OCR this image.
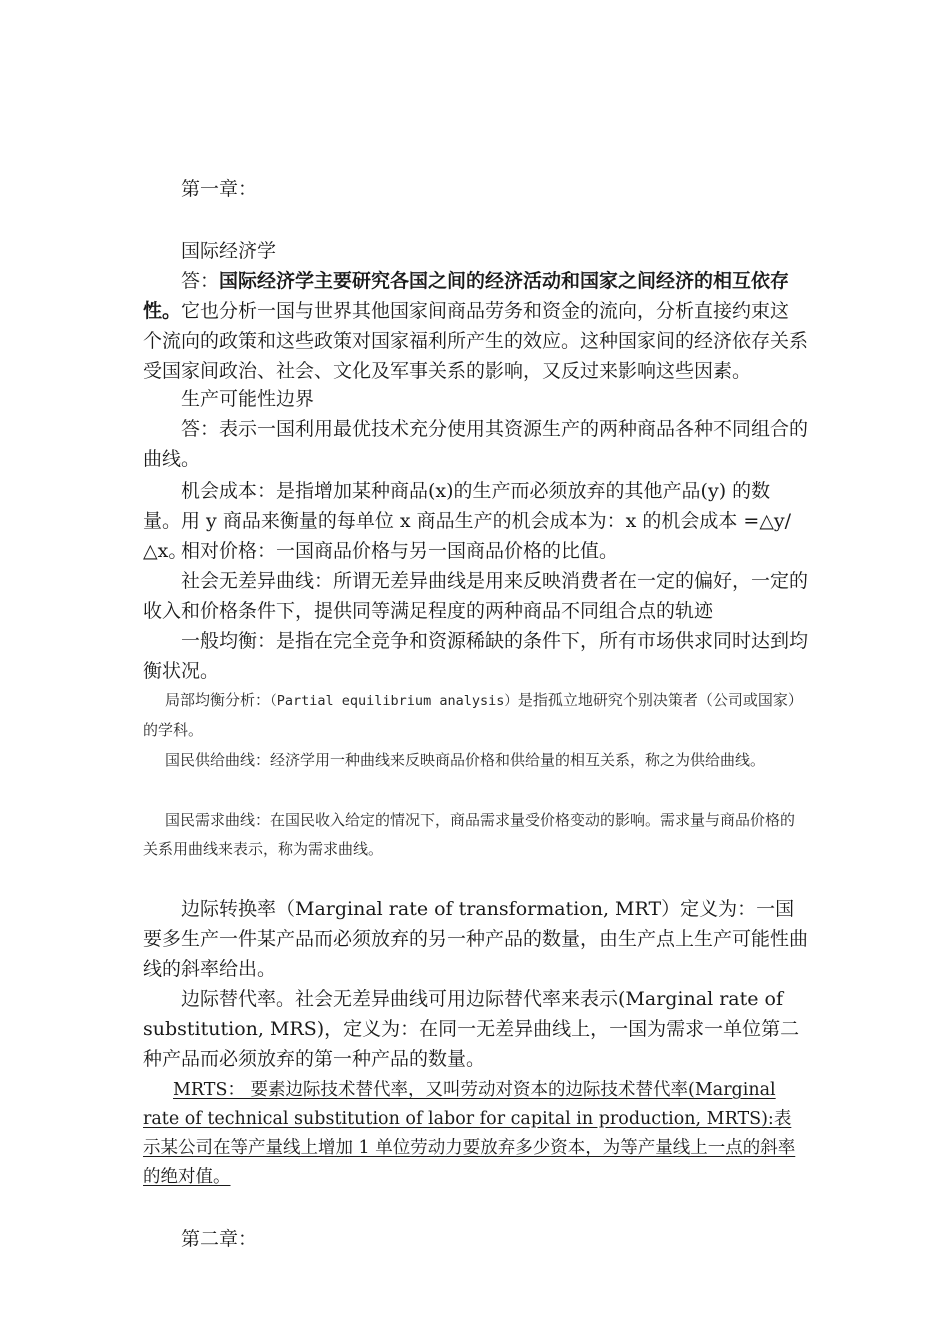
第一章：

国际经济学

答：国际经济学主要研究各国之间的经济活动和国家之间经济的相互依存性。它也分析一国与世界其他国家间商品劳务和资金的流向，分析直接约束这个流向的政策和这些政策对国家福利所产生的效应。这种国家间的经济依存关系受国家间政治、社会、文化及军事关系的影响，又反过来影响这些因素。

生产可能性边界

答：表示一国利用最优技术充分使用其资源生产的两种商品各种不同组合的曲线。

机会成本：是指增加某种商品(x)的生产而必须放弃的其他产品(y) 的数量。用 y 商品来衡量的每单位 x 商品生产的机会成本为：x 的机会成本 =△y/△x。

相对价格：一国商品价格与另一国商品价格的比值。

社会无差异曲线：所谓无差异曲线是用来反映消费者在一定的偏好，一定的收入和价格条件下，提供同等满足程度的两种商品不同组合点的轨迹

一般均衡：是指在完全竞争和资源稀缺的条件下，所有市场供求同时达到均衡状况。

局部均衡分析：（Partial equilibrium analysis）是指孤立地研究个别决策者（公司或国家）的学科。

国民供给曲线：经济学用一种曲线来反映商品价格和供给量的相互关系，称之为供给曲线。

国民需求曲线：在国民收入给定的情况下，商品需求量受价格变动的影响。需求量与商品价格的关系用曲线来表示，称为需求曲线。

边际转换率（Marginal rate of transformation, MRT）定义为：一国要多生产一件某产品而必须放弃的另一种产品的数量，由生产点上生产可能性曲线的斜率给出。

边际替代率。社会无差异曲线可用边际替代率来表示(Marginal rate of substitution, MRS)，定义为：在同一无差异曲线上，一国为需求一单位第二种产品而必须放弃的第一种产品的数量。

MRTS： 要素边际技术替代率，又叫劳动对资本的边际技术替代率(Marginal rate of technical substitution of labor for capital in production, MRTS):表示某公司在等产量线上增加 1 单位劳动力要放弃多少资本，为等产量线上一点的斜率的绝对值。

第二章：
